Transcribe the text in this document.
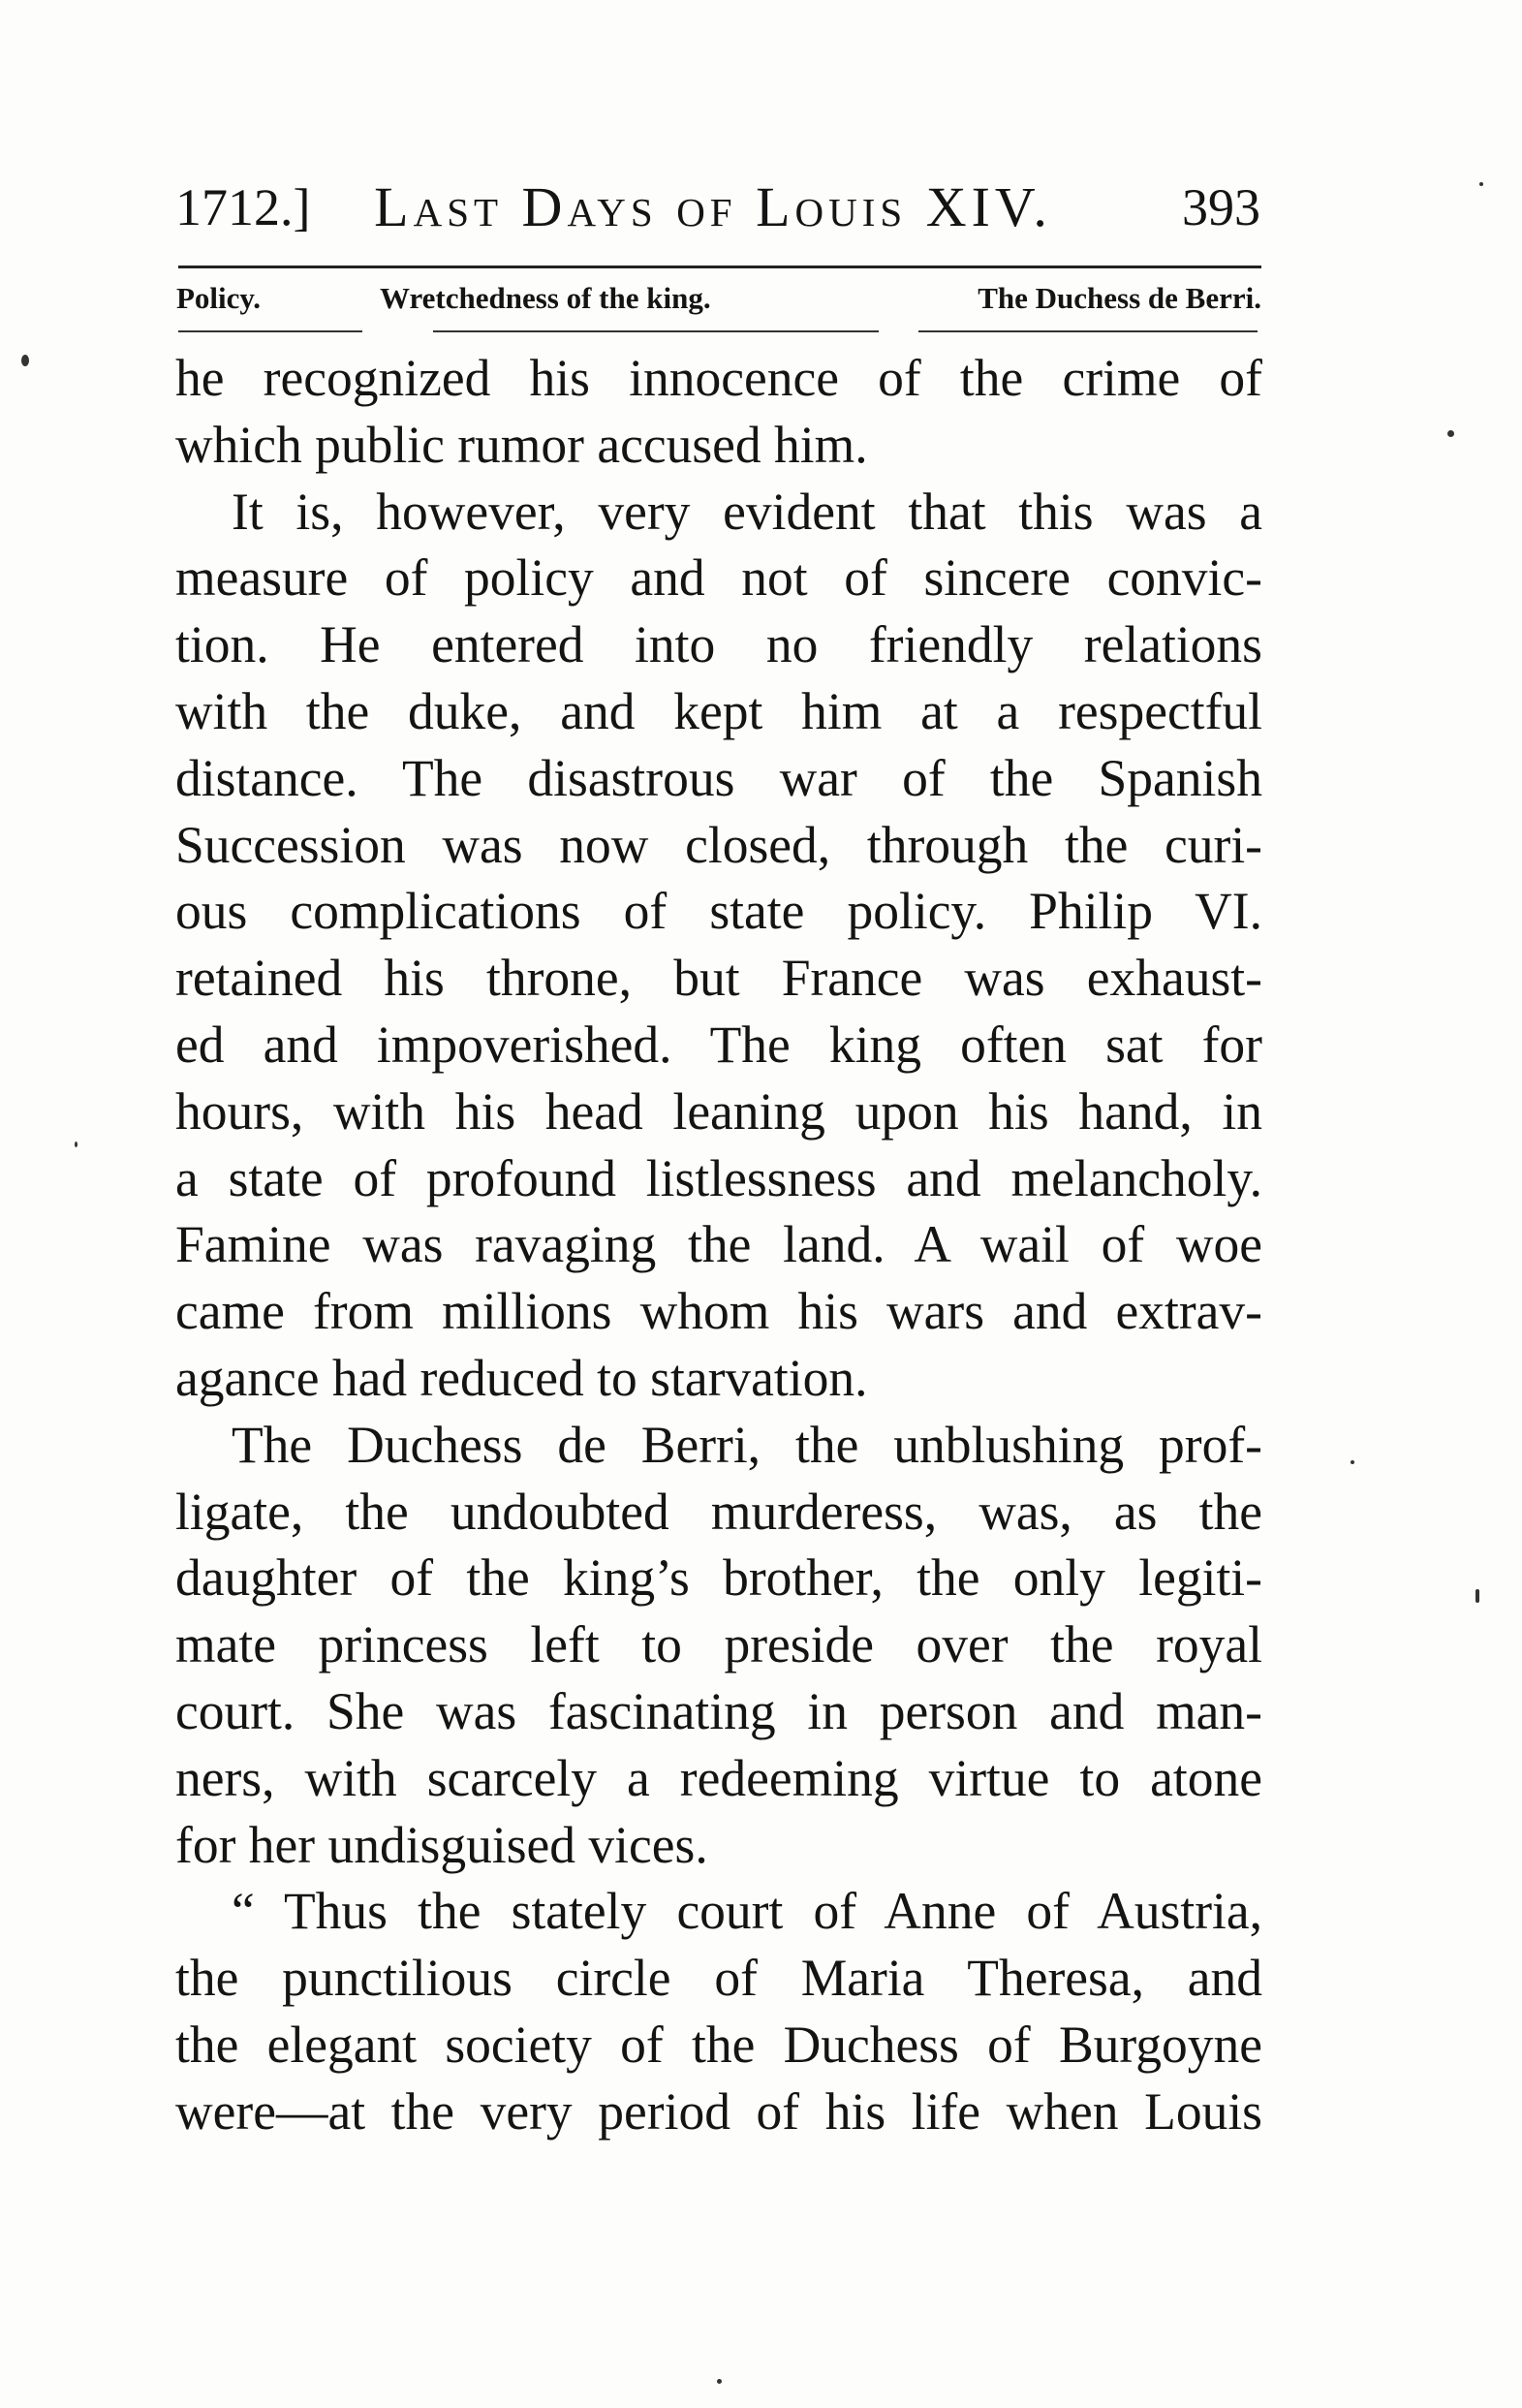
1712.]	Last Days of Louis XIV.	393
Policy.	Wretchedness of the king.	The Duchess de Berri.
he recognized his innocence of the crime of
which public rumor accused him.
It is, however, very evident that this was a
measure of policy and not of sincere convic-
tion. He entered into no friendly relations
with the duke, and kept him at a respectful
distance. The disastrous war of the Spanish
Succession was now closed, through the curi-
ous complications of state policy. Philip VI.
retained his throne, but France was exhaust-
ed and impoverished. The king often sat for
hours, with his head leaning upon his hand, in
a state of profound listlessness and melancholy.
Famine was ravaging the land. A wail of woe
came from millions whom his wars and extrav-
agance had reduced to starvation.
The Duchess de Berri, the unblushing prof-
ligate, the undoubted murderess, was, as the
daughter of the king’s brother, the only legiti-
mate princess left to preside over the royal
court. She was fascinating in person and man-
ners, with scarcely a redeeming virtue to atone
for her undisguised vices.
“ Thus the stately court of Anne of Austria,
the punctilious circle of Maria Theresa, and
the elegant society of the Duchess of Burgoyne
were—at the very period of his life when Louis
